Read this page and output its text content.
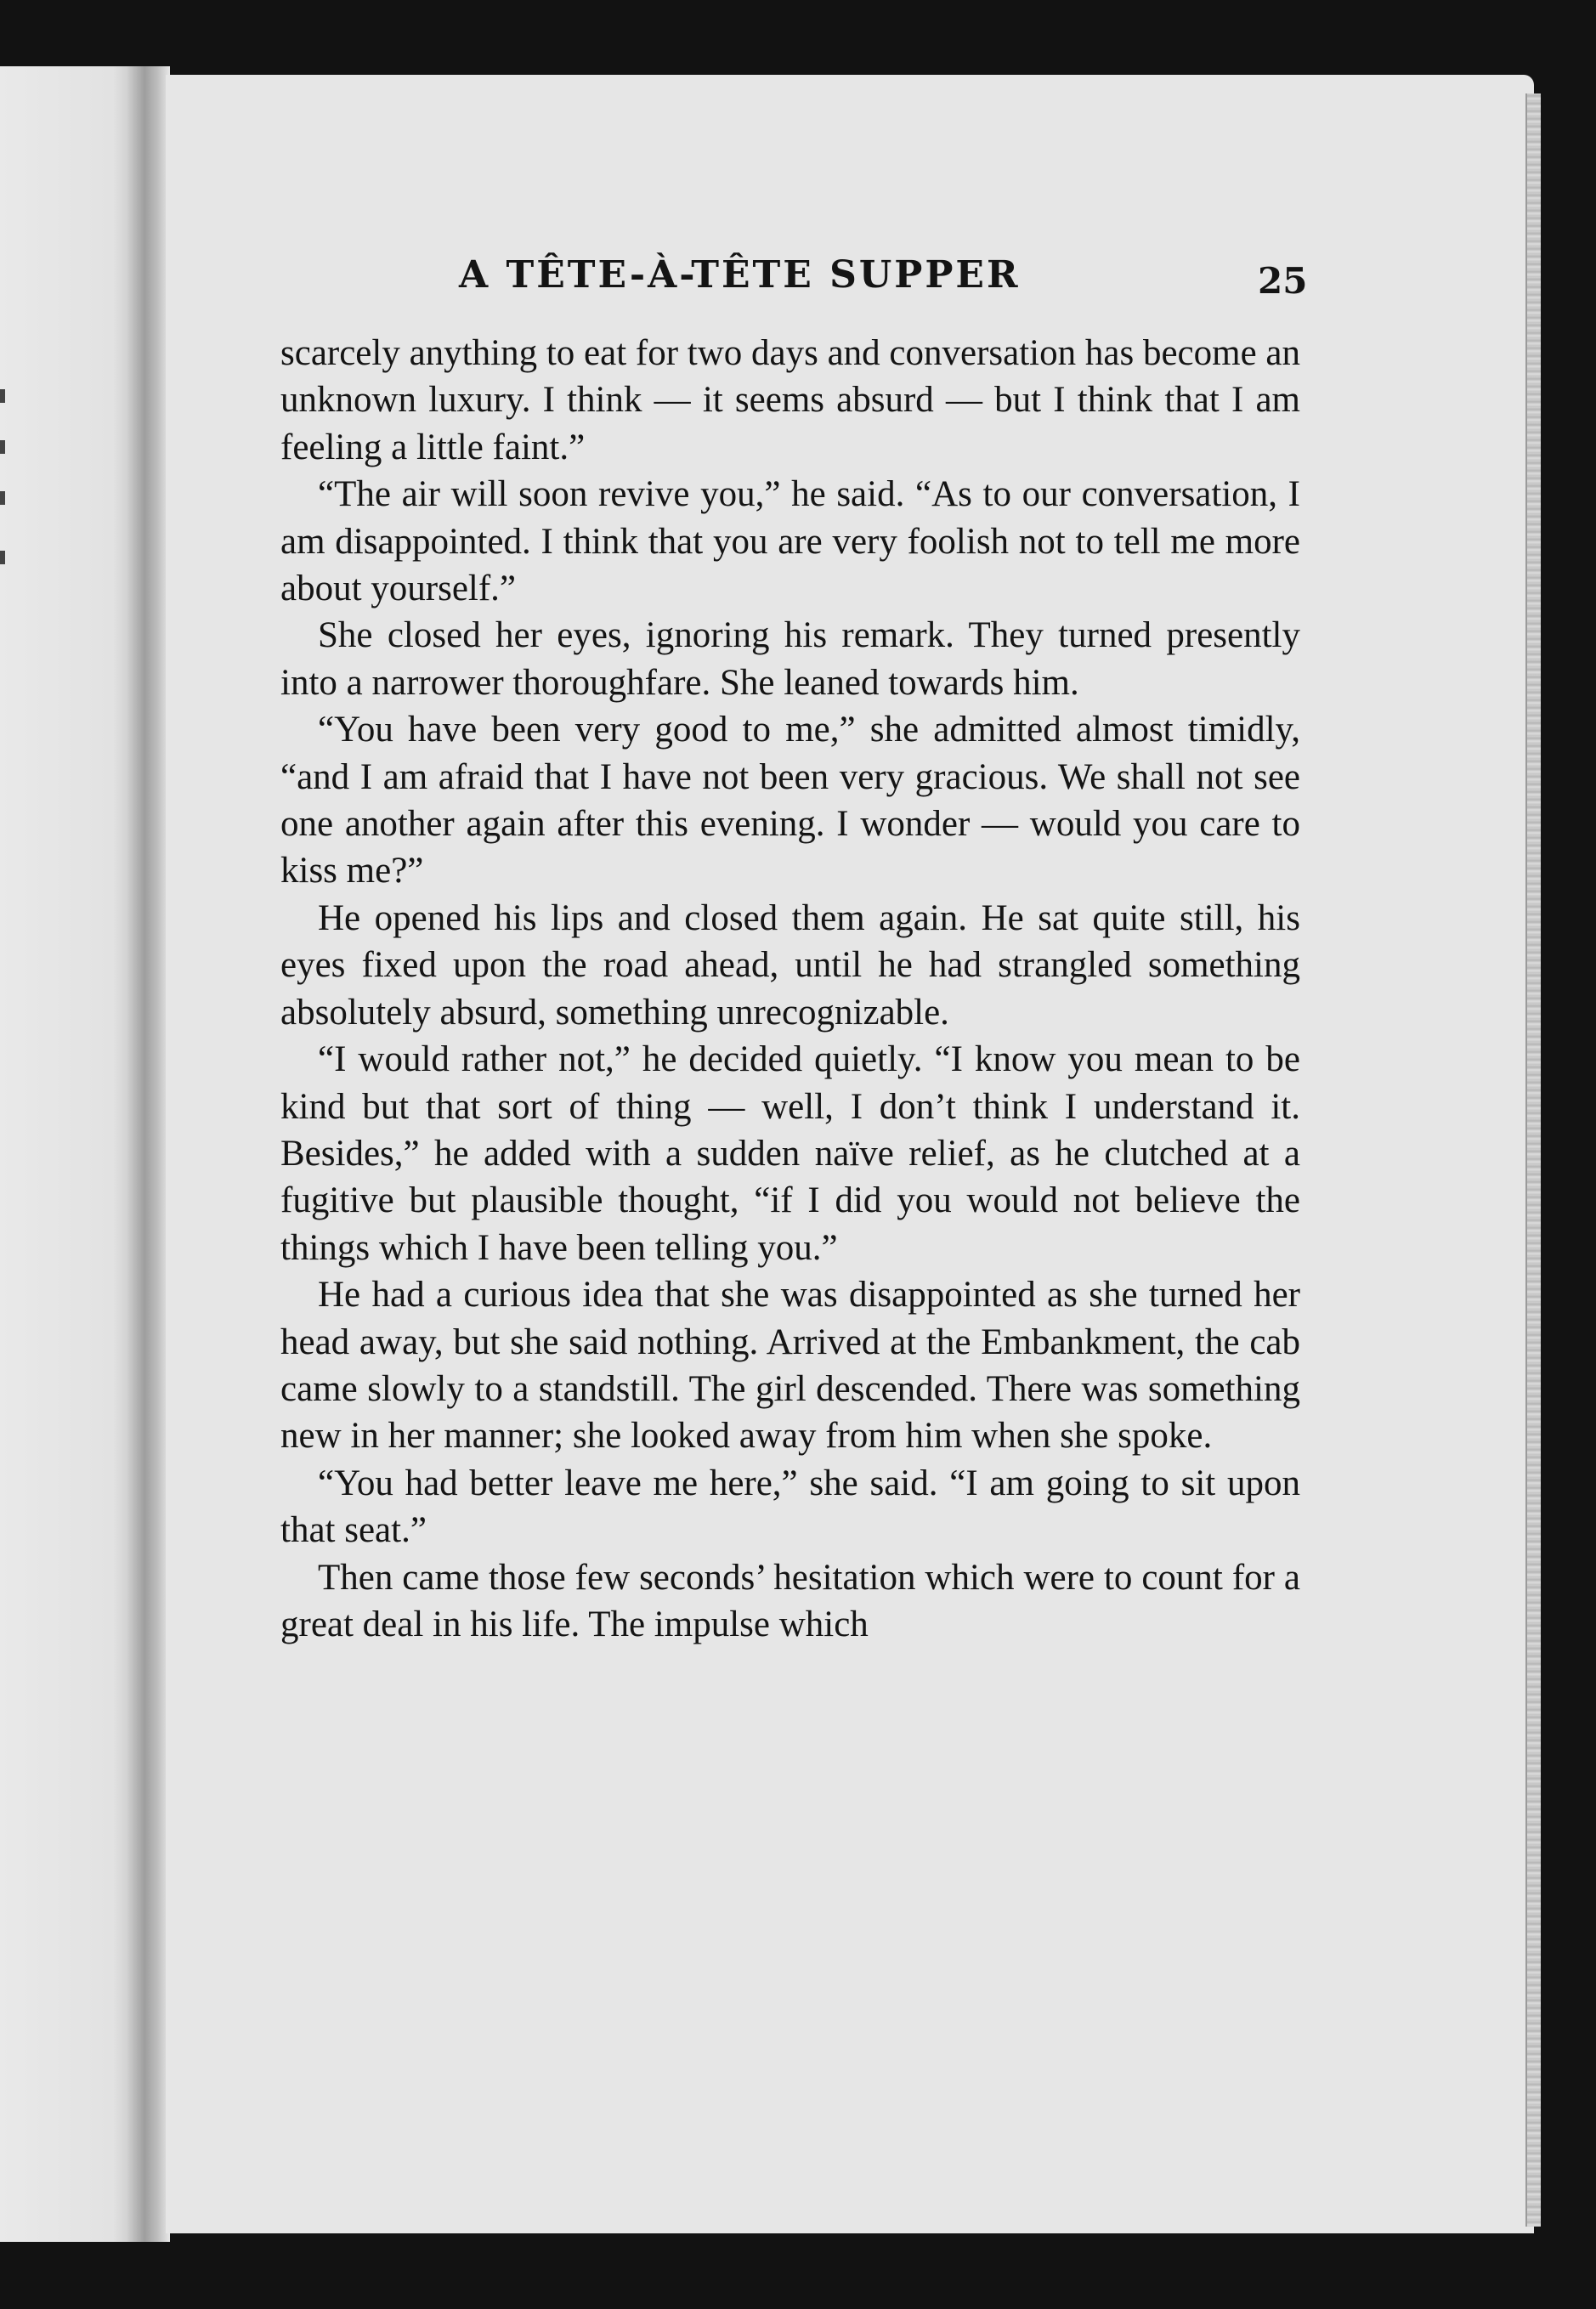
A TÊTE-À-TÊTE SUPPER	25

scarcely anything to eat for two days and conversation has become an unknown luxury. I think — it seems absurd — but I think that I am feeling a little faint.”

“The air will soon revive you,” he said. “As to our conversation, I am disappointed. I think that you are very foolish not to tell me more about yourself.”

She closed her eyes, ignoring his remark. They turned presently into a narrower thoroughfare. She leaned towards him.

“You have been very good to me,” she admitted almost timidly, “and I am afraid that I have not been very gracious. We shall not see one another again after this evening. I wonder — would you care to kiss me?”

He opened his lips and closed them again. He sat quite still, his eyes fixed upon the road ahead, until he had strangled something absolutely absurd, something unrecognizable.

“I would rather not,” he decided quietly. “I know you mean to be kind but that sort of thing — well, I don’t think I understand it. Besides,” he added with a sudden naïve relief, as he clutched at a fugitive but plausible thought, “if I did you would not believe the things which I have been telling you.”

He had a curious idea that she was disappointed as she turned her head away, but she said nothing. Arrived at the Embankment, the cab came slowly to a standstill. The girl descended. There was something new in her manner; she looked away from him when she spoke.

“You had better leave me here,” she said. “I am going to sit upon that seat.”

Then came those few seconds’ hesitation which were to count for a great deal in his life. The impulse which
